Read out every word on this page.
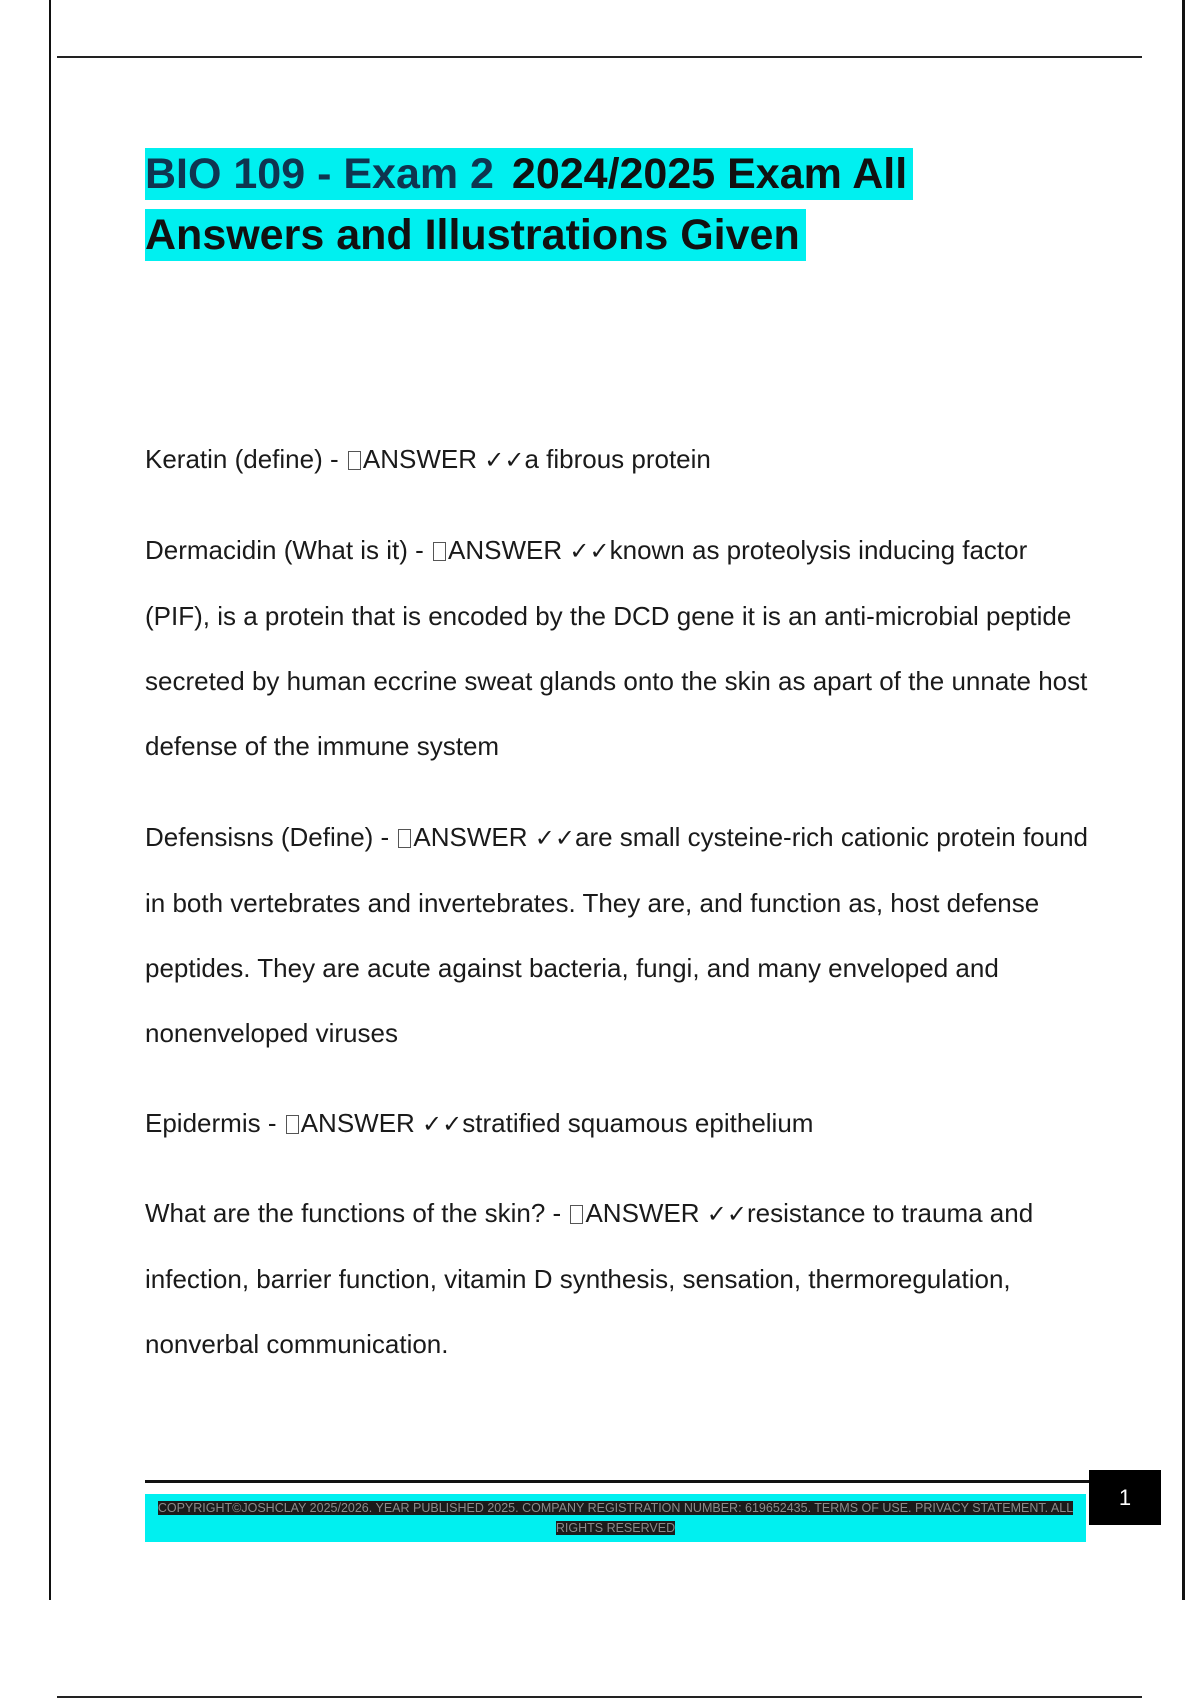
BIO 109 - Exam 2 2024/2025 Exam All Answers and Illustrations Given

Keratin (define) - ANSWER ✓✓a fibrous protein

Dermacidin (What is it) - ANSWER ✓✓known as proteolysis inducing factor (PIF), is a protein that is encoded by the DCD gene it is an anti-microbial peptide secreted by human eccrine sweat glands onto the skin as apart of the unnate host defense of the immune system

Defensisns (Define) - ANSWER ✓✓are small cysteine-rich cationic protein found in both vertebrates and invertebrates. They are, and function as, host defense peptides. They are acute against bacteria, fungi, and many enveloped and nonenveloped viruses

Epidermis - ANSWER ✓✓stratified squamous epithelium

What are the functions of the skin? - ANSWER ✓✓resistance to trauma and infection, barrier function, vitamin D synthesis, sensation, thermoregulation, nonverbal communication.

COPYRIGHT©JOSHCLAY 2025/2026. YEAR PUBLISHED 2025. COMPANY REGISTRATION NUMBER: 619652435. TERMS OF USE. PRIVACY STATEMENT. ALL RIGHTS RESERVED
1
